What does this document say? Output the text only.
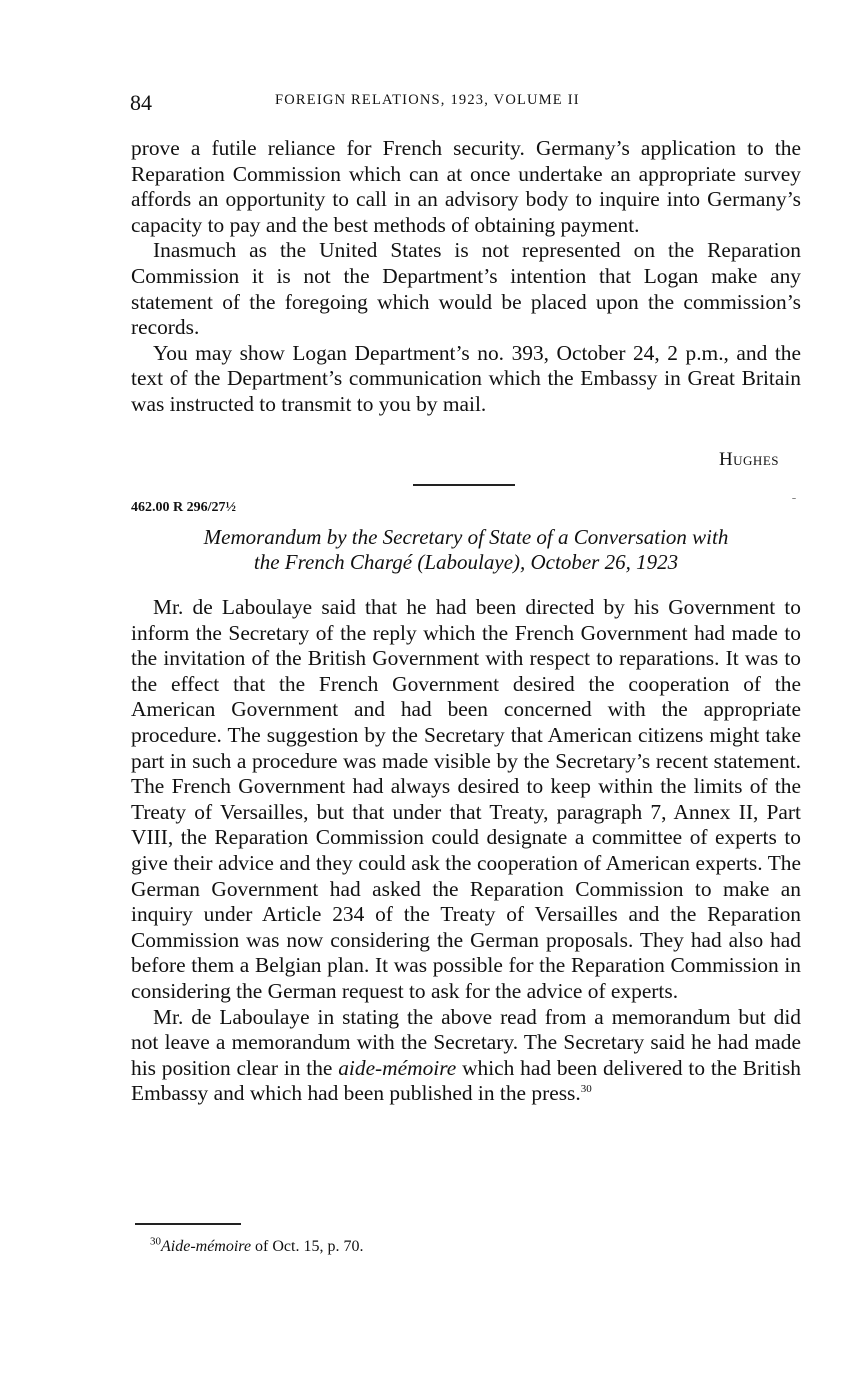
84	FOREIGN RELATIONS, 1923, VOLUME II

prove a futile reliance for French security. Germany’s application to the Reparation Commission which can at once undertake an appropriate survey affords an opportunity to call in an advisory body to inquire into Germany’s capacity to pay and the best methods of obtaining payment.

Inasmuch as the United States is not represented on the Reparation Commission it is not the Department’s intention that Logan make any statement of the foregoing which would be placed upon the commission’s records.

You may show Logan Department’s no. 393, October 24, 2 p.m., and the text of the Department’s communication which the Embassy in Great Britain was instructed to transmit to you by mail.

Hughes
462.00 R 296/27½	ˉ
Memorandum by the Secretary of State of a Conversation with
the French Chargé (Laboulaye), October 26, 1923

Mr. de Laboulaye said that he had been directed by his Government to inform the Secretary of the reply which the French Government had made to the invitation of the British Government with respect to reparations. It was to the effect that the French Government desired the cooperation of the American Government and had been concerned with the appropriate procedure. The suggestion by the Secretary that American citizens might take part in such a procedure was made visible by the Secretary’s recent statement. The French Government had always desired to keep within the limits of the Treaty of Versailles, but that under that Treaty, paragraph 7, Annex II, Part VIII, the Reparation Commission could designate a committee of experts to give their advice and they could ask the cooperation of American experts. The German Government had asked the Reparation Commission to make an inquiry under Article 234 of the Treaty of Versailles and the Reparation Commission was now considering the German proposals. They had also had before them a Belgian plan. It was possible for the Reparation Commission in considering the German request to ask for the advice of experts.

Mr. de Laboulaye in stating the above read from a memorandum but did not leave a memorandum with the Secretary. The Secretary said he had made his position clear in the aide-mémoire which had been delivered to the British Embassy and which had been published in the press.$^{30}$

$^{30}$Aide-mémoire of Oct. 15, p. 70.
